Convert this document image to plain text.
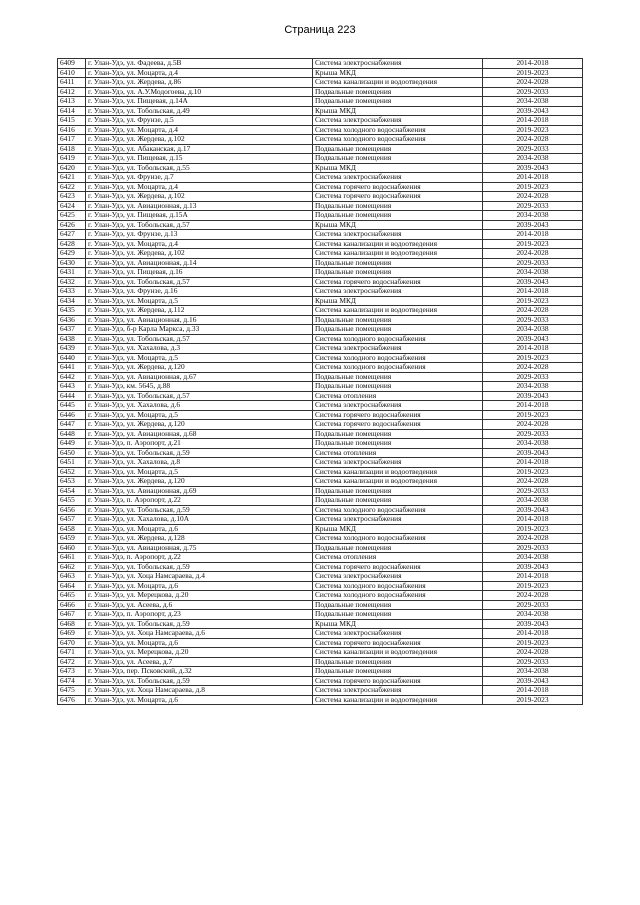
Страница 223
6409	г. Улан-Удэ, ул. Фадеева, д.5В	Система электроснабжения	2014-2018
6410	г. Улан-Удэ, ул. Моцарта, д.4	Крыша МКД	2019-2023
6411	г. Улан-Удэ, ул. Жердева, д.86	Система канализации и водоотведения	2024-2028
6412	г. Улан-Удэ, ул. А.У.Модогоева, д.10	Подвальные помещения	2029-2033
6413	г. Улан-Удэ, ул. Пищевая, д.14А	Подвальные помещения	2034-2038
6414	г. Улан-Удэ, ул. Тобольская, д.49	Крыша МКД	2039-2043
6415	г. Улан-Удэ, ул. Фрунзе, д.5	Система электроснабжения	2014-2018
6416	г. Улан-Удэ, ул. Моцарта, д.4	Система холодного водоснабжения	2019-2023
6417	г. Улан-Удэ, ул. Жердева, д.102	Система холодного водоснабжения	2024-2028
6418	г. Улан-Удэ, ул. Абаканская, д.17	Подвальные помещения	2029-2033
6419	г. Улан-Удэ, ул. Пищевая, д.15	Подвальные помещения	2034-2038
6420	г. Улан-Удэ, ул. Тобольская, д.55	Крыша МКД	2039-2043
6421	г. Улан-Удэ, ул. Фрунзе, д.7	Система электроснабжения	2014-2018
6422	г. Улан-Удэ, ул. Моцарта, д.4	Система горячего водоснабжения	2019-2023
6423	г. Улан-Удэ, ул. Жердева, д.102	Система горячего водоснабжения	2024-2028
6424	г. Улан-Удэ, ул. Авиационная, д.13	Подвальные помещения	2029-2033
6425	г. Улан-Удэ, ул. Пищевая, д.15А	Подвальные помещения	2034-2038
6426	г. Улан-Удэ, ул. Тобольская, д.57	Крыша МКД	2039-2043
6427	г. Улан-Удэ, ул. Фрунзе, д.13	Система электроснабжения	2014-2018
6428	г. Улан-Удэ, ул. Моцарта, д.4	Система канализации и водоотведения	2019-2023
6429	г. Улан-Удэ, ул. Жердева, д.102	Система канализации и водоотведения	2024-2028
6430	г. Улан-Удэ, ул. Авиационная, д.14	Подвальные помещения	2029-2033
6431	г. Улан-Удэ, ул. Пищевая, д.16	Подвальные помещения	2034-2038
6432	г. Улан-Удэ, ул. Тобольская, д.57	Система горячего водоснабжения	2039-2043
6433	г. Улан-Удэ, ул. Фрунзе, д.16	Система электроснабжения	2014-2018
6434	г. Улан-Удэ, ул. Моцарта, д.5	Крыша МКД	2019-2023
6435	г. Улан-Удэ, ул. Жердева, д.112	Система канализации и водоотведения	2024-2028
6436	г. Улан-Удэ, ул. Авиационная, д.16	Подвальные помещения	2029-2033
6437	г. Улан-Удэ, б-р Карла Маркса, д.33	Подвальные помещения	2034-2038
6438	г. Улан-Удэ, ул. Тобольская, д.57	Система холодного водоснабжения	2039-2043
6439	г. Улан-Удэ, ул. Хахалова, д.3	Система электроснабжения	2014-2018
6440	г. Улан-Удэ, ул. Моцарта, д.5	Система холодного водоснабжения	2019-2023
6441	г. Улан-Удэ, ул. Жердева, д.120	Система холодного водоснабжения	2024-2028
6442	г. Улан-Удэ, ул. Авиационная, д.67	Подвальные помещения	2029-2033
6443	г. Улан-Удэ, км. 5645, д.88	Подвальные помещения	2034-2038
6444	г. Улан-Удэ, ул. Тобольская, д.57	Система отопления	2039-2043
6445	г. Улан-Удэ, ул. Хахалова, д.6	Система электроснабжения	2014-2018
6446	г. Улан-Удэ, ул. Моцарта, д.5	Система горячего водоснабжения	2019-2023
6447	г. Улан-Удэ, ул. Жердева, д.120	Система горячего водоснабжения	2024-2028
6448	г. Улан-Удэ, ул. Авиационная, д.68	Подвальные помещения	2029-2033
6449	г. Улан-Удэ, п. Аэропорт, д.21	Подвальные помещения	2034-2038
6450	г. Улан-Удэ, ул. Тобольская, д.59	Система отопления	2039-2043
6451	г. Улан-Удэ, ул. Хахалова, д.8	Система электроснабжения	2014-2018
6452	г. Улан-Удэ, ул. Моцарта, д.5	Система канализации и водоотведения	2019-2023
6453	г. Улан-Удэ, ул. Жердева, д.120	Система канализации и водоотведения	2024-2028
6454	г. Улан-Удэ, ул. Авиационная, д.69	Подвальные помещения	2029-2033
6455	г. Улан-Удэ, п. Аэропорт, д.22	Подвальные помещения	2034-2038
6456	г. Улан-Удэ, ул. Тобольская, д.59	Система холодного водоснабжения	2039-2043
6457	г. Улан-Удэ, ул. Хахалова, д.10А	Система электроснабжения	2014-2018
6458	г. Улан-Удэ, ул. Моцарта, д.6	Крыша МКД	2019-2023
6459	г. Улан-Удэ, ул. Жердева, д.128	Система холодного водоснабжения	2024-2028
6460	г. Улан-Удэ, ул. Авиационная, д.75	Подвальные помещения	2029-2033
6461	г. Улан-Удэ, п. Аэропорт, д.22	Система отопления	2034-2038
6462	г. Улан-Удэ, ул. Тобольская, д.59	Система горячего водоснабжения	2039-2043
6463	г. Улан-Удэ, ул. Хоца Намсараева, д.4	Система электроснабжения	2014-2018
6464	г. Улан-Удэ, ул. Моцарта, д.6	Система холодного водоснабжения	2019-2023
6465	г. Улан-Удэ, ул. Мерецкова, д.20	Система холодного водоснабжения	2024-2028
6466	г. Улан-Удэ, ул. Асеева, д.6	Подвальные помещения	2029-2033
6467	г. Улан-Удэ, п. Аэропорт, д.23	Подвальные помещения	2034-2038
6468	г. Улан-Удэ, ул. Тобольская, д.59	Крыша МКД	2039-2043
6469	г. Улан-Удэ, ул. Хоца Намсараева, д.6	Система электроснабжения	2014-2018
6470	г. Улан-Удэ, ул. Моцарта, д.6	Система горячего водоснабжения	2019-2023
6471	г. Улан-Удэ, ул. Мерецкова, д.20	Система канализации и водоотведения	2024-2028
6472	г. Улан-Удэ, ул. Асеева, д.7	Подвальные помещения	2029-2033
6473	г. Улан-Удэ, пер. Псковский, д.32	Подвальные помещения	2034-2038
6474	г. Улан-Удэ, ул. Тобольская, д.59	Система горячего водоснабжения	2039-2043
6475	г. Улан-Удэ, ул. Хоца Намсараева, д.8	Система электроснабжения	2014-2018
6476	г. Улан-Удэ, ул. Моцарта, д.6	Система канализации и водоотведения	2019-2023
